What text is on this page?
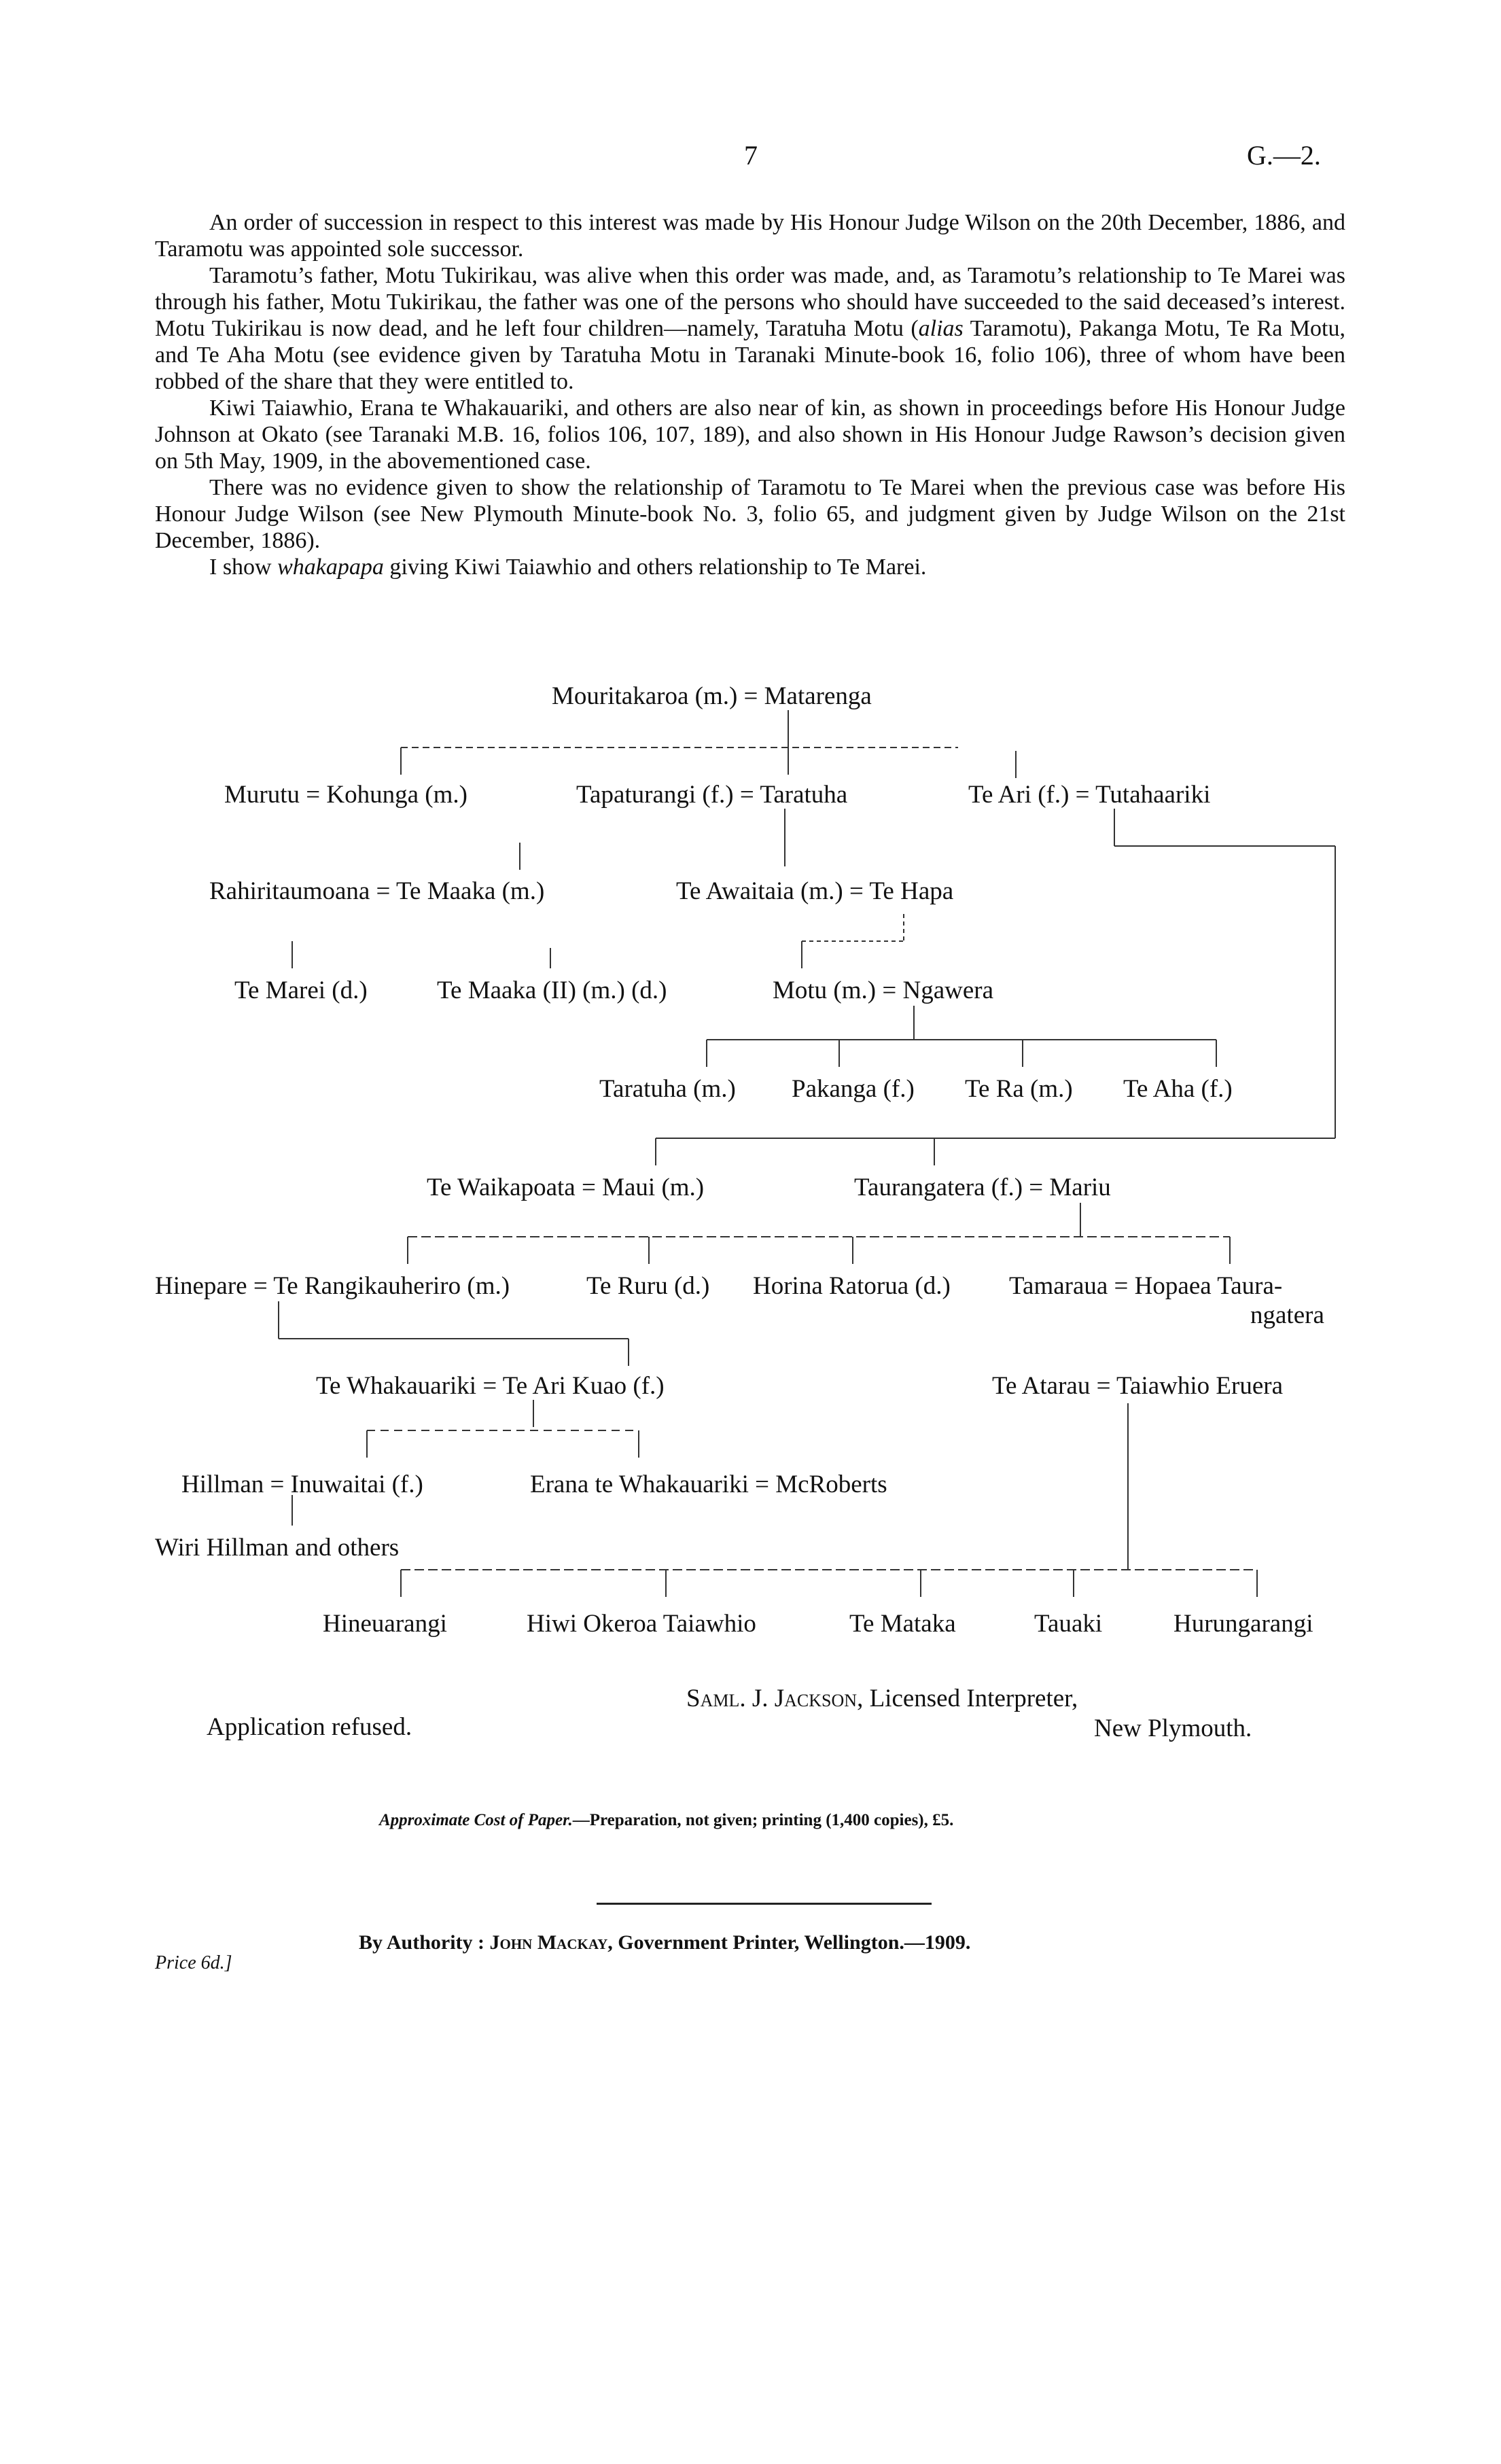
7	G.—2.

An order of succession in respect to this interest was made by His Honour Judge Wilson on the 20th December, 1886, and Taramotu was appointed sole successor.

Taramotu’s father, Motu Tukirikau, was alive when this order was made, and, as Taramotu’s relationship to Te Marei was through his father, Motu Tukirikau, the father was one of the persons who should have succeeded to the said deceased’s interest. Motu Tukirikau is now dead, and he left four children—namely, Taratuha Motu (alias Taramotu), Pakanga Motu, Te Ra Motu, and Te Aha Motu (see evidence given by Taratuha Motu in Taranaki Minute-book 16, folio 106), three of whom have been robbed of the share that they were entitled to.

Kiwi Taiawhio, Erana te Whakauariki, and others are also near of kin, as shown in proceedings before His Honour Judge Johnson at Okato (see Taranaki M.B. 16, folios 106, 107, 189), and also shown in His Honour Judge Rawson’s decision given on 5th May, 1909, in the abovementioned case.

There was no evidence given to show the relationship of Taramotu to Te Marei when the previous case was before His Honour Judge Wilson (see New Plymouth Minute-book No. 3, folio 65, and judgment given by Judge Wilson on the 21st December, 1886).

I show whakapapa giving Kiwi Taiawhio and others relationship to Te Marei.

Mouritakaroa (m.) = Matarenga
Murutu = Kohunga (m.)	Tapaturangi (f.) = Taratuha	Te Ari (f.) = Tutahaariki
Rahiritaumoana = Te Maaka (m.)	Te Awaitaia (m.) = Te Hapa
Te Marei (d.)	Te Maaka (II) (m.) (d.)	Motu (m.) = Ngawera
Taratuha (m.) Pakanga (f.) Te Ra (m.) Te Aha (f.)
Te Waikapoata = Maui (m.)	Taurangatera (f.) = Mariu
Hinepare = Te Rangikauheriro (m.)	Te Ruru (d.) Horina Ratorua (d.) Tamaraua = Hopaea Taura-
ngatera
Te Whakauariki = Te Ari Kuao (f.)	Te Atarau = Taiawhio Eruera
Hillman = Inuwaitai (f.)	Erana te Whakauariki = McRoberts
Wiri Hillman and others
Hineuarangi	Hiwi Okeroa Taiawhio	Te Mataka	Tauaki	Hurungarangi
Application refused.
Saml. J. Jackson, Licensed Interpreter,
New Plymouth.
Approximate Cost of Paper.—Preparation, not given; printing (1,400 copies), £5.
By Authority : John Mackay, Government Printer, Wellington.—1909.
Price 6d.]
